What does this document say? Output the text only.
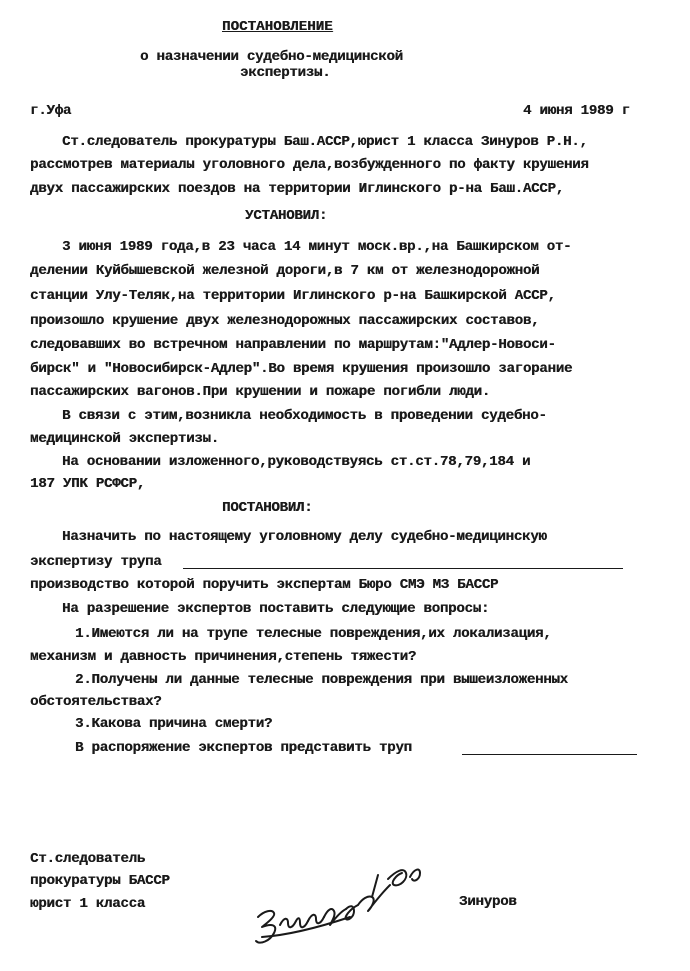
ПОСТАНОВЛЕНИЕ
о назначении судебно-медицинской
экспертизы.
г.Уфа	4 июня 1989 г
Ст.следователь прокуратуры Баш.АССР,юрист 1 класса Зинуров Р.Н.,
рассмотрев материалы уголовного дела,возбужденного по факту крушения
двух пассажирских поездов на территории Иглинского р-на Баш.АССР,
УСТАНОВИЛ:
3 июня 1989 года,в 23 часа 14 минут моск.вр.,на Башкирском от-
делении Куйбышевской железной дороги,в 7 км от железнодорожной
станции Улу-Теляк,на территории Иглинского р-на Башкирской АССР,
произошло крушение двух железнодорожных пассажирских составов,
следовавших во встречном направлении по маршрутам:"Адлер-Новоси-
бирск" и "Новосибирск-Адлер".Во время крушения произошло загорание
пассажирских вагонов.При крушении и пожаре погибли люди.
В связи с этим,возникла необходимость в проведении судебно-
медицинской экспертизы.
На основании изложенного,руководствуясь ст.ст.78,79,184 и
187 УПК РСФСР,
ПОСТАНОВИЛ:
Назначить по настоящему уголовному делу судебно-медицинскую
экспертизу трупа
производство которой поручить экспертам Бюро СМЭ МЗ БАССР
На разрешение экспертов поставить следующие вопросы:
1.Имеются ли на трупе телесные повреждения,их локализация,
механизм и давность причинения,степень тяжести?
2.Получены ли данные телесные повреждения при вышеизложенных
обстоятельствах?
3.Какова причина смерти?
В распоряжение экспертов представить труп
Ст.следователь
прокуратуры БАССР
юрист 1 класса	Зинуров
